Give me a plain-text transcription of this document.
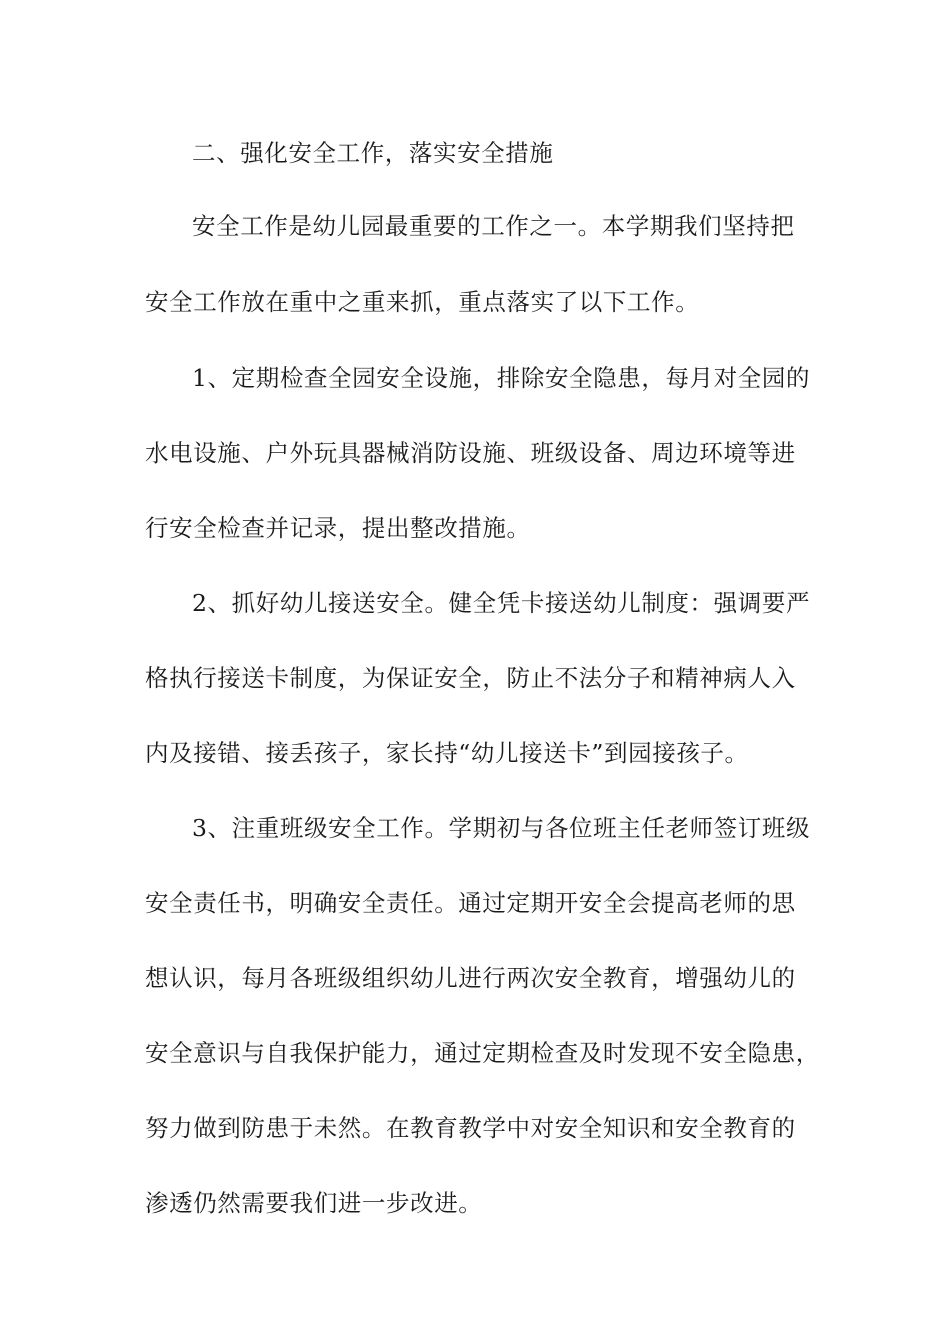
二、强化安全工作，落实安全措施
安全工作是幼儿园最重要的工作之一。本学期我们坚持把
安全工作放在重中之重来抓，重点落实了以下工作。
1、定期检查全园安全设施，排除安全隐患，每月对全园的
水电设施、户外玩具器械消防设施、班级设备、周边环境等进
行安全检查并记录，提出整改措施。
2、抓好幼儿接送安全。健全凭卡接送幼儿制度：强调要严
格执行接送卡制度，为保证安全，防止不法分子和精神病人入
内及接错、接丢孩子，家长持“幼儿接送卡”到园接孩子。
3、注重班级安全工作。学期初与各位班主任老师签订班级
安全责任书，明确安全责任。通过定期开安全会提高老师的思
想认识，每月各班级组织幼儿进行两次安全教育，增强幼儿的
安全意识与自我保护能力，通过定期检查及时发现不安全隐患，
努力做到防患于未然。在教育教学中对安全知识和安全教育的
渗透仍然需要我们进一步改进。
